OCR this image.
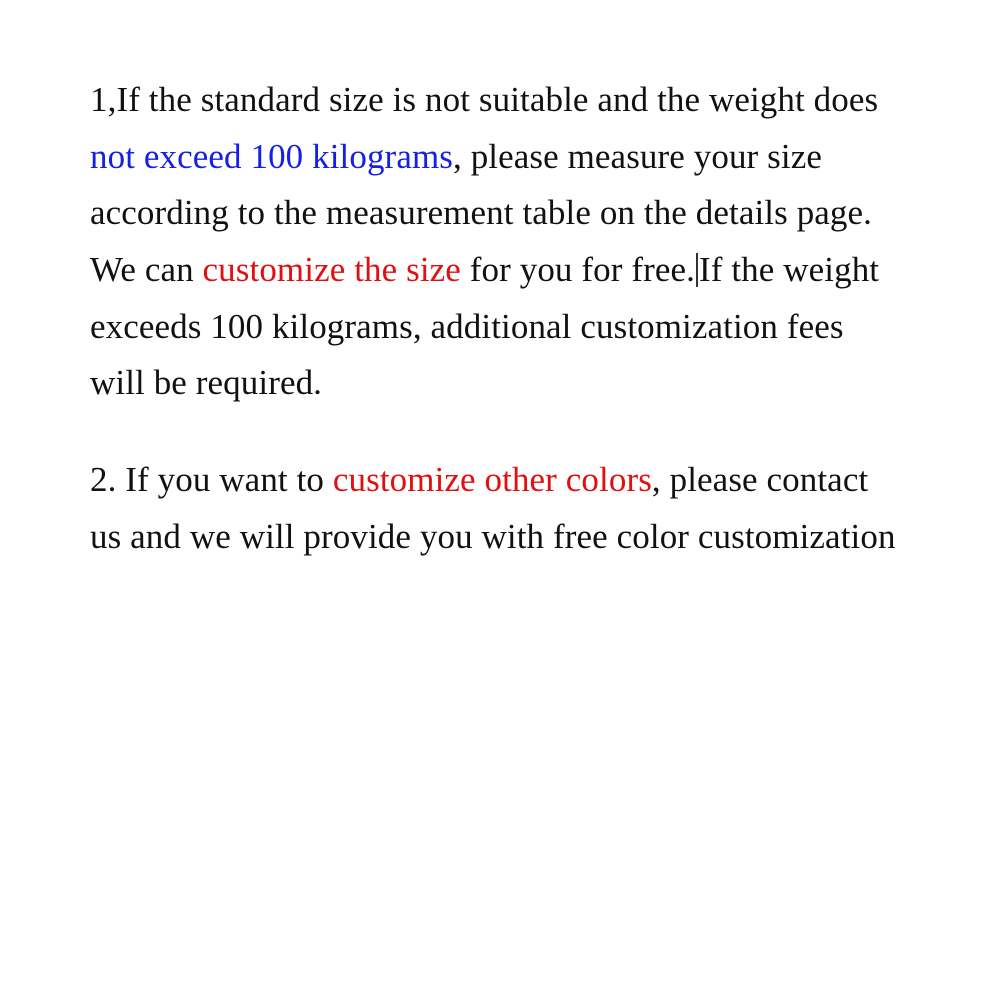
1,If the standard size is not suitable and the weight does not exceed 100 kilograms, please measure your size according to the measurement table on the details page. We can customize the size for you for free. If the weight exceeds 100 kilograms, additional customization fees will be required.

2. If you want to customize other colors, please contact us and we will provide you with free color customization
